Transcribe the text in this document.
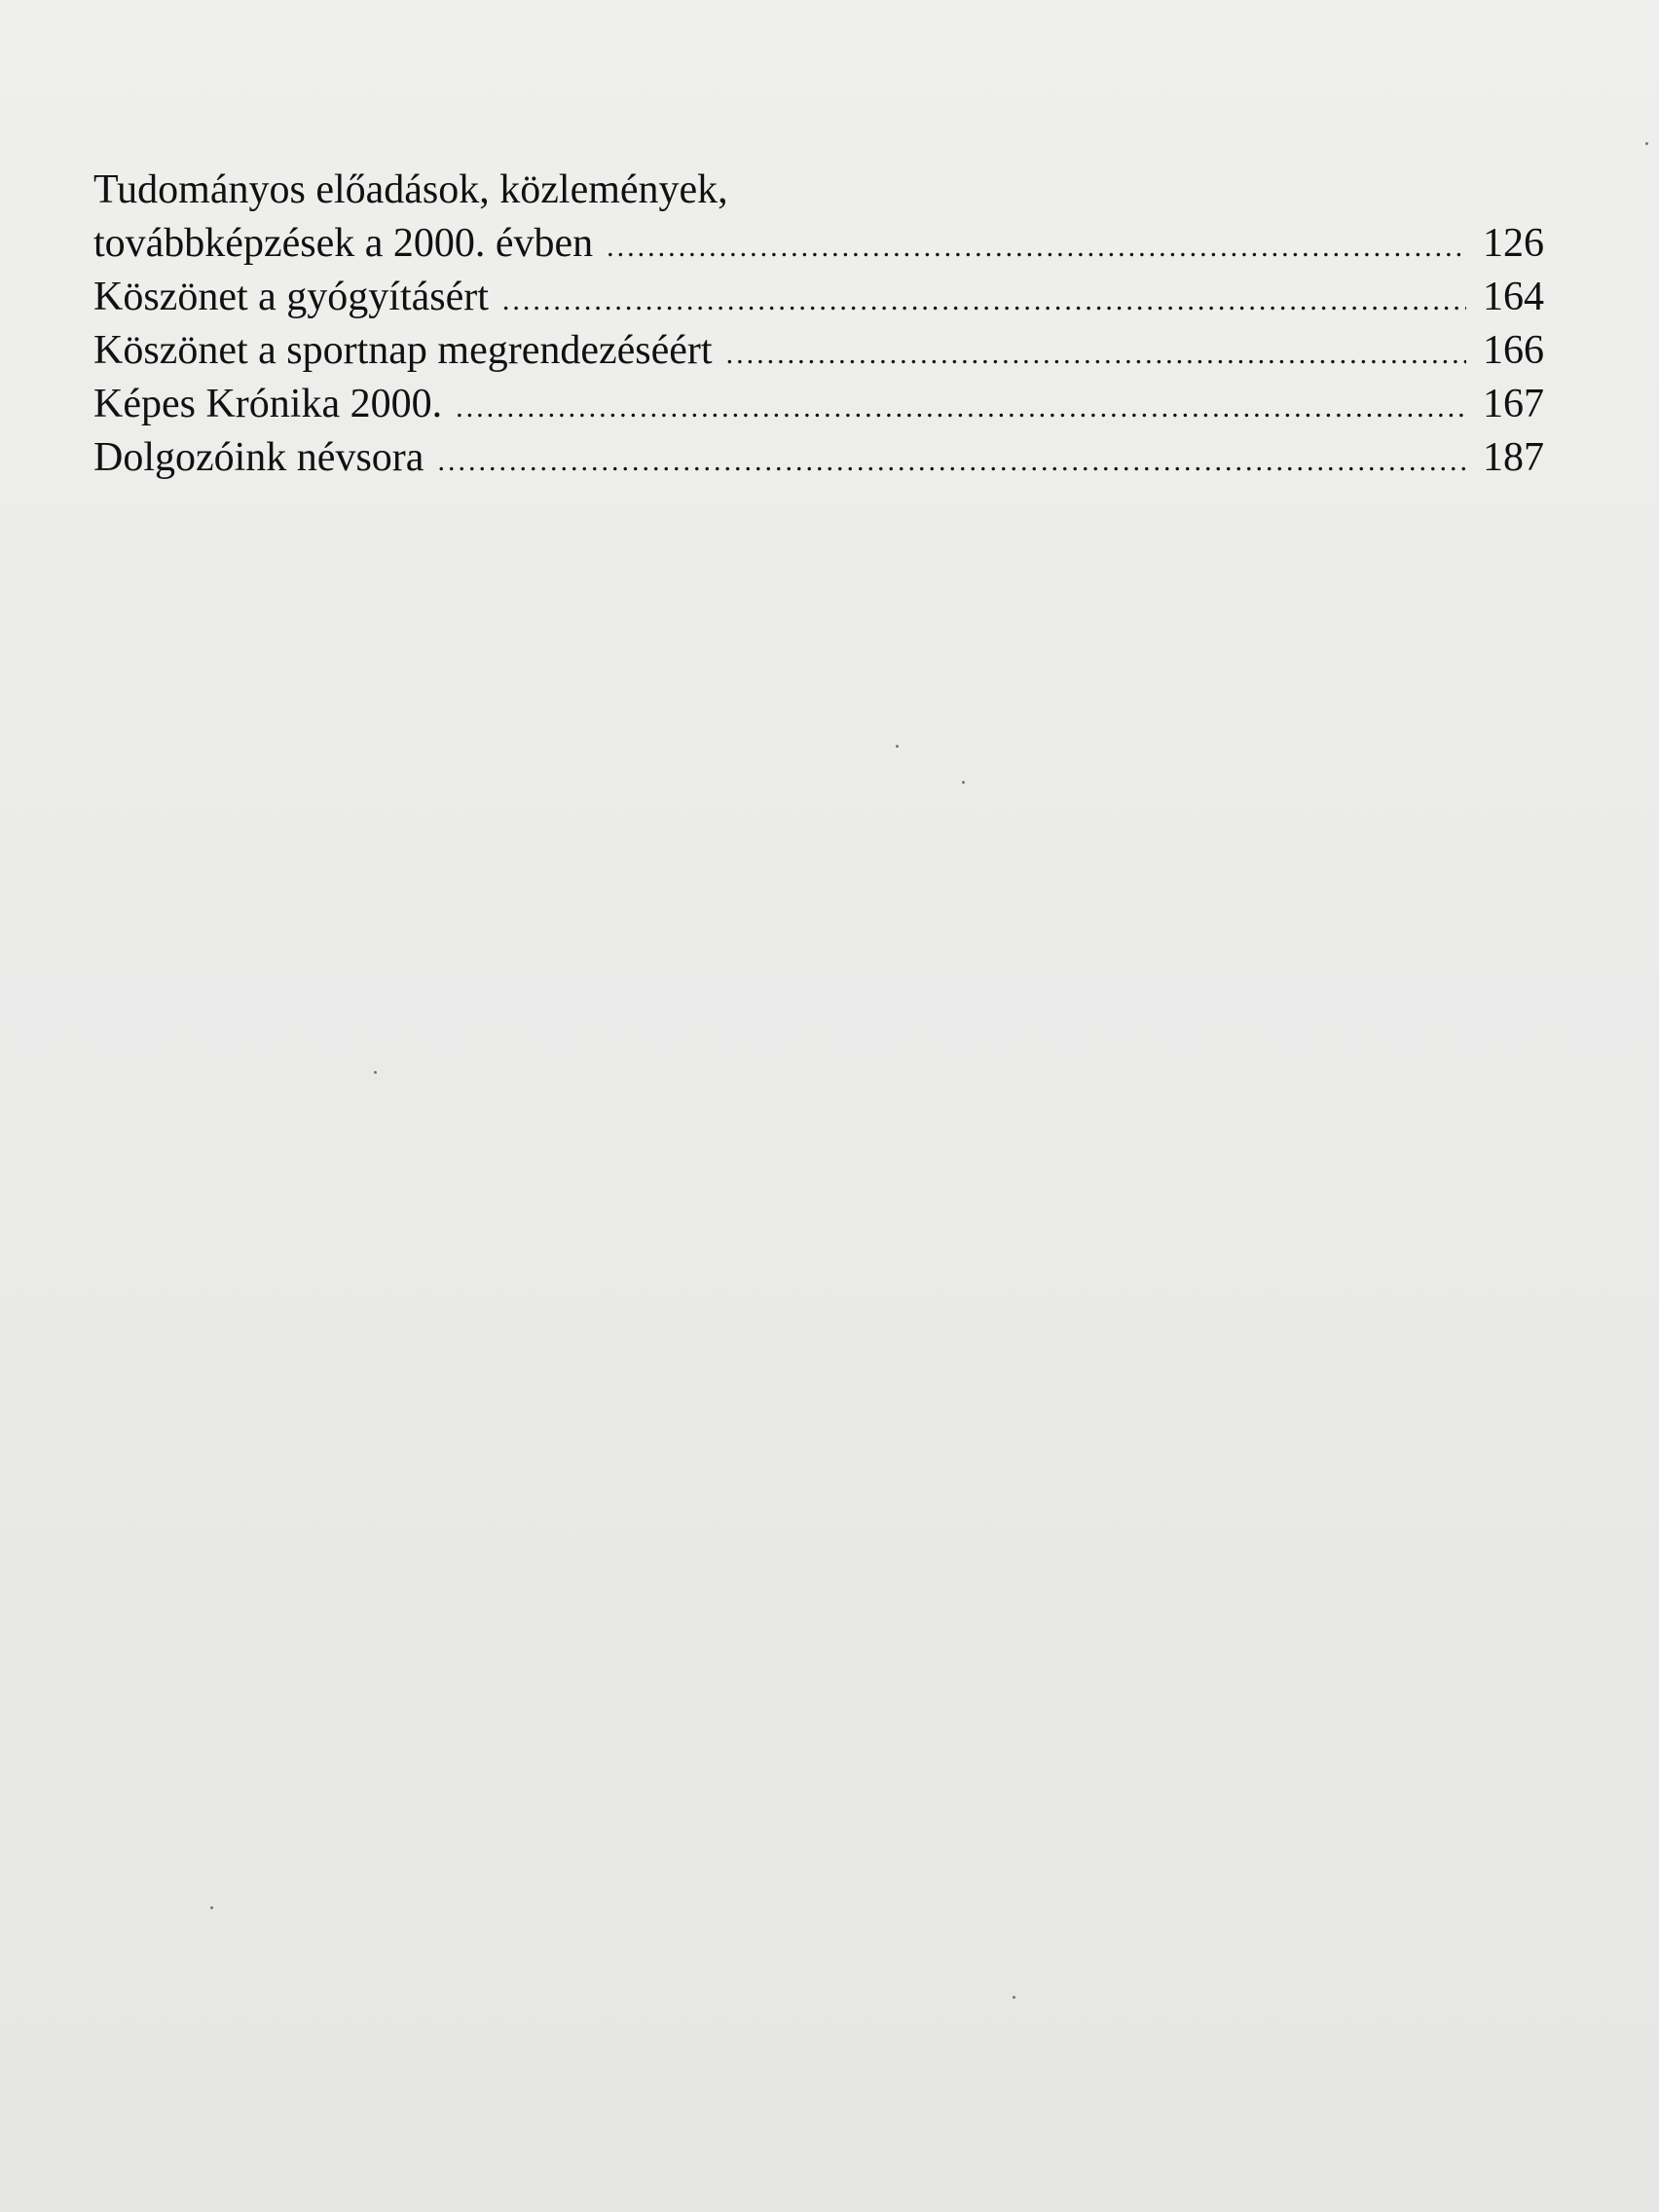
Tudományos előadások, közlemények,
továbbképzések a 2000. évben .....	126
Köszönet a gyógyításért .....	164
Köszönet a sportnap megrendezéséért .....	166
Képes Krónika 2000. .....	167
Dolgozóink névsora .....	187
